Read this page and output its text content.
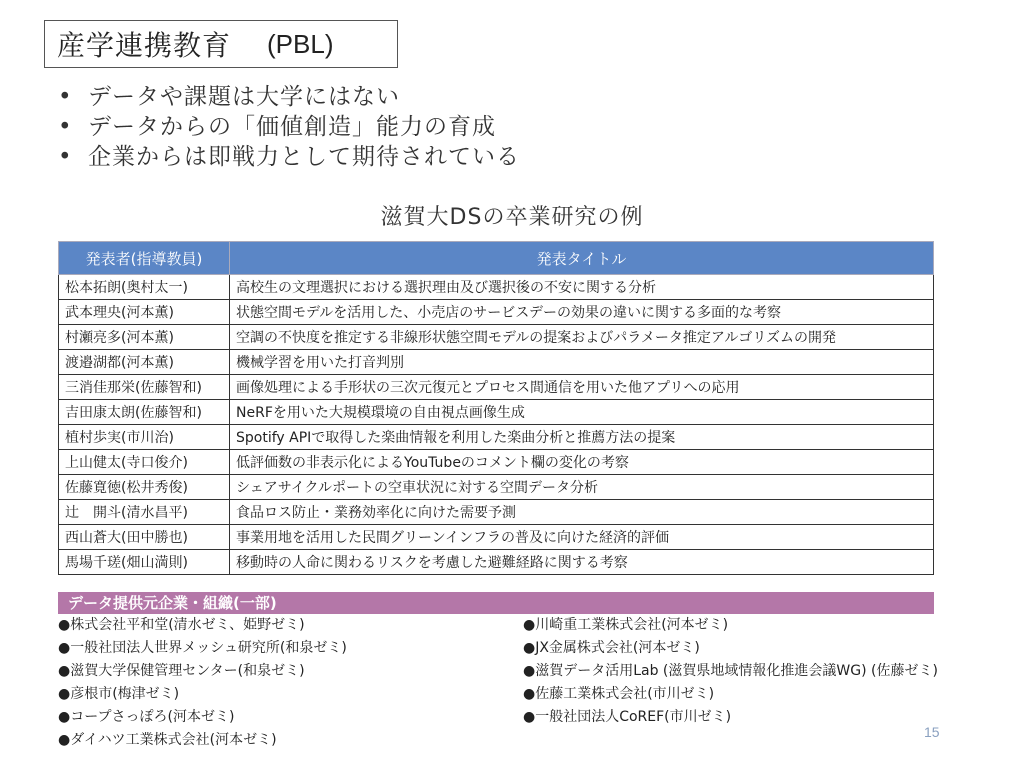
産学連携教育 (PBL)
• データや課題は大学にはない
• データからの「価値創造」能力の育成
• 企業からは即戦力として期待されている
滋賀大DSの卒業研究の例
発表者(指導教員)	発表タイトル
松本拓朗(奥村太一)	高校生の文理選択における選択理由及び選択後の不安に関する分析
武本理央(河本薫)	状態空間モデルを活用した、小売店のサービスデーの効果の違いに関する多面的な考察
村瀬亮多(河本薫)	空調の不快度を推定する非線形状態空間モデルの提案およびパラメータ推定アルゴリズムの開発
渡邉湖都(河本薫)	機械学習を用いた打音判別
三消佳那栄(佐藤智和)	画像処理による手形状の三次元復元とプロセス間通信を用いた他アプリへの応用
吉田康太朗(佐藤智和)	NeRFを用いた大規模環境の自由視点画像生成
植村歩実(市川治)	Spotify APIで取得した楽曲情報を利用した楽曲分析と推薦方法の提案
上山健太(寺口俊介)	低評価数の非表示化によるYouTubeのコメント欄の変化の考察
佐藤寛徳(松井秀俊)	シェアサイクルポートの空車状況に対する空間データ分析
辻　開斗(清水昌平)	食品ロス防止・業務効率化に向けた需要予測
西山蒼大(田中勝也)	事業用地を活用した民間グリーンインフラの普及に向けた経済的評価
馬場千瑳(畑山満則)	移動時の人命に関わるリスクを考慮した避難経路に関する考察
データ提供元企業・組織(一部)
●株式会社平和堂(清水ゼミ、姫野ゼミ)
●一般社団法人世界メッシュ研究所(和泉ゼミ)
●滋賀大学保健管理センター(和泉ゼミ)
●彦根市(梅津ゼミ)
●コープさっぽろ(河本ゼミ)
●ダイハツ工業株式会社(河本ゼミ)
●川崎重工業株式会社(河本ゼミ)
●JX金属株式会社(河本ゼミ)
●滋賀データ活用Lab (滋賀県地域情報化推進会議WG) (佐藤ゼミ)
●佐藤工業株式会社(市川ゼミ)
●一般社団法人CoREF(市川ゼミ)
15
